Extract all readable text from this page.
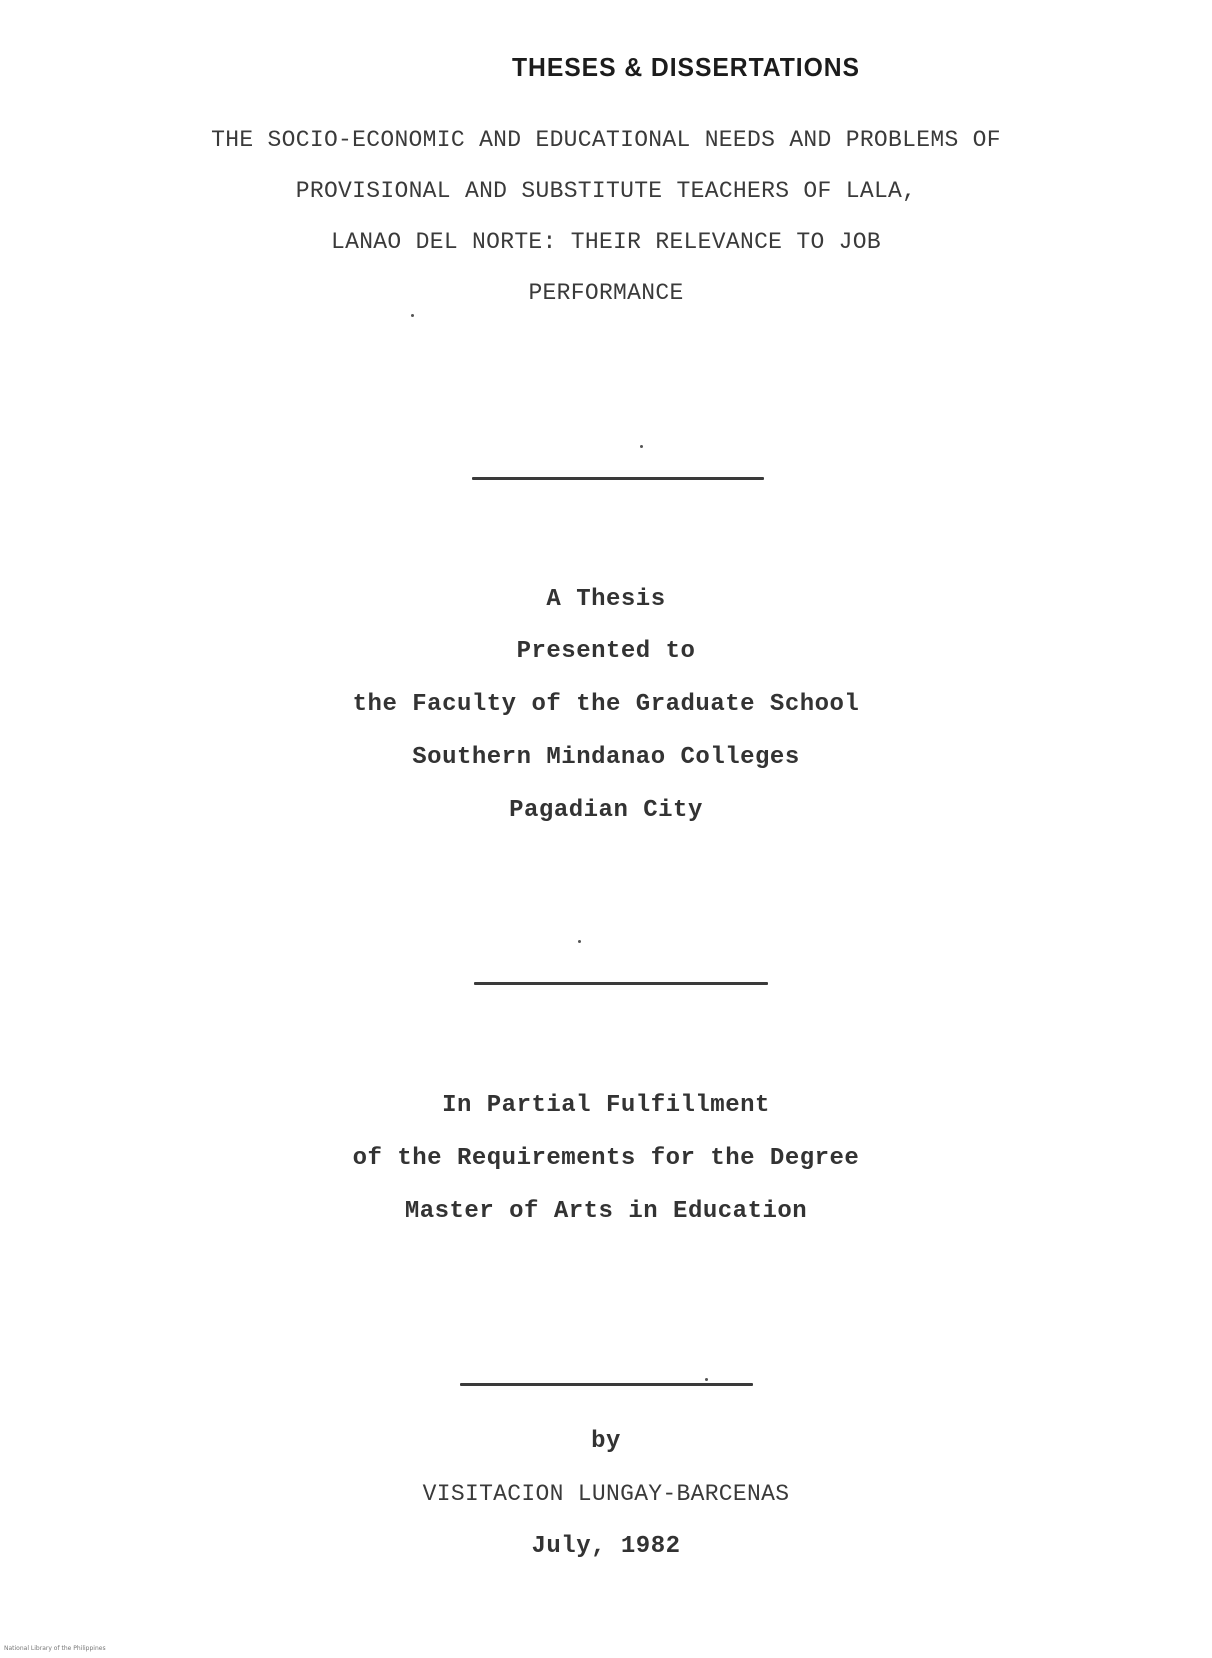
THESES & DISSERTATIONS
THE SOCIO-ECONOMIC AND EDUCATIONAL NEEDS AND PROBLEMS OF
PROVISIONAL AND SUBSTITUTE TEACHERS OF LALA,
LANAO DEL NORTE: THEIR RELEVANCE TO JOB
PERFORMANCE
A Thesis
Presented to
the Faculty of the Graduate School
Southern Mindanao Colleges
Pagadian City
In Partial Fulfillment
of the Requirements for the Degree
Master of Arts in Education
by
VISITACION LUNGAY-BARCENAS
July, 1982
National Library of the Philippines
